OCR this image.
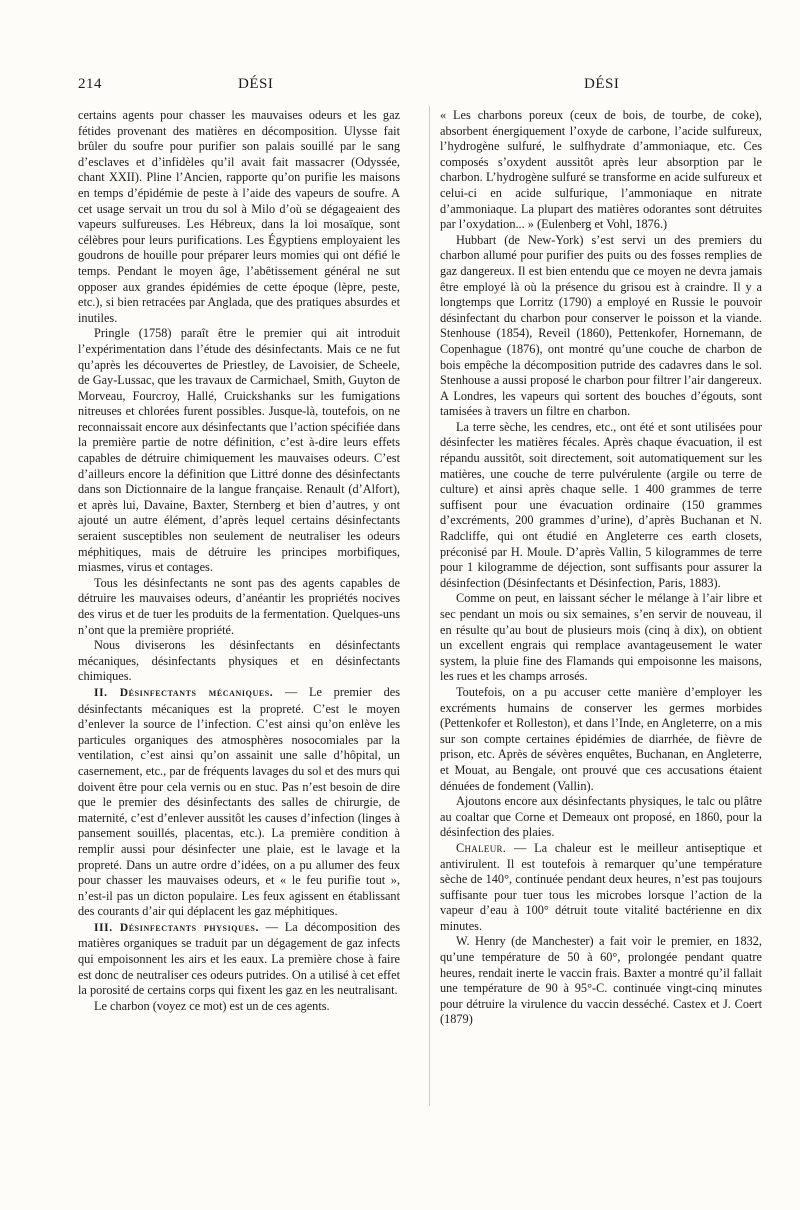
214	DÉSI	DÉSI

certains agents pour chasser les mauvaises odeurs et les gaz fétides provenant des matières en décomposition. Ulysse fait brûler du soufre pour purifier son palais souillé par le sang d’esclaves et d’infidèles qu’il avait fait massacrer (Odyssée, chant XXII). Pline l’Ancien, rapporte qu’on purifie les maisons en temps d’épidémie de peste à l’aide des vapeurs de soufre. A cet usage servait un trou du sol à Milo d’où se dégageaient des vapeurs sulfureuses. Les Hébreux, dans la loi mosaïque, sont célèbres pour leurs purifications. Les Égyptiens employaient les goudrons de houille pour préparer leurs momies qui ont défié le temps. Pendant le moyen âge, l’abêtissement général ne sut opposer aux grandes épidémies de cette époque (lèpre, peste, etc.), si bien retracées par Anglada, que des pratiques absurdes et inutiles.

Pringle (1758) paraît être le premier qui ait introduit l’expérimentation dans l’étude des désinfectants. Mais ce ne fut qu’après les découvertes de Priestley, de Lavoisier, de Scheele, de Gay-Lussac, que les travaux de Carmichael, Smith, Guyton de Morveau, Fourcroy, Hallé, Cruickshanks sur les fumigations nitreuses et chlorées furent possibles. Jusque-là, toutefois, on ne reconnaissait encore aux désinfectants que l’action spécifiée dans la première partie de notre définition, c’est à-dire leurs effets capables de détruire chimiquement les mauvaises odeurs. C’est d’ailleurs encore la définition que Littré donne des désinfectants dans son Dictionnaire de la langue française. Renault (d’Alfort), et après lui, Davaine, Baxter, Sternberg et bien d’autres, y ont ajouté un autre élément, d’après lequel certains désinfectants seraient susceptibles non seulement de neutraliser les odeurs méphitiques, mais de détruire les principes morbifiques, miasmes, virus et contages.

Tous les désinfectants ne sont pas des agents capables de détruire les mauvaises odeurs, d’anéantir les propriétés nocives des virus et de tuer les produits de la fermentation. Quelques-uns n’ont que la première propriété.

Nous diviserons les désinfectants en désinfectants mécaniques, désinfectants physiques et en désinfectants chimiques.

II. Désinfectants mécaniques. — Le premier des désinfectants mécaniques est la propreté. C’est le moyen d’enlever la source de l’infection. C’est ainsi qu’on enlève les particules organiques des atmosphères nosocomiales par la ventilation, c’est ainsi qu’on assainit une salle d’hôpital, un casernement, etc., par de fréquents lavages du sol et des murs qui doivent être pour cela vernis ou en stuc. Pas n’est besoin de dire que le premier des désinfectants des salles de chirurgie, de maternité, c’est d’enlever aussitôt les causes d’infection (linges à pansement souillés, placentas, etc.). La première condition à remplir aussi pour désinfecter une plaie, est le lavage et la propreté. Dans un autre ordre d’idées, on a pu allumer des feux pour chasser les mauvaises odeurs, et « le feu purifie tout », n’est-il pas un dicton populaire. Les feux agissent en établissant des courants d’air qui déplacent les gaz méphitiques.

III. Désinfectants physiques. — La décomposition des matières organiques se traduit par un dégagement de gaz infects qui empoisonnent les airs et les eaux. La première chose à faire est donc de neutraliser ces odeurs putrides. On a utilisé à cet effet la porosité de certains corps qui fixent les gaz en les neutralisant.

Le charbon (voyez ce mot) est un de ces agents.

« Les charbons poreux (ceux de bois, de tourbe, de coke), absorbent énergiquement l’oxyde de carbone, l’acide sulfureux, l’hydrogène sulfuré, le sulfhydrate d’ammoniaque, etc. Ces composés s’oxydent aussitôt après leur absorption par le charbon. L’hydrogène sulfuré se transforme en acide sulfureux et celui-ci en acide sulfurique, l’ammoniaque en nitrate d’ammoniaque. La plupart des matières odorantes sont détruites par l’oxydation... » (Eulenberg et Vohl, 1876.)

Hubbart (de New-York) s’est servi un des premiers du charbon allumé pour purifier des puits ou des fosses remplies de gaz dangereux. Il est bien entendu que ce moyen ne devra jamais être employé là où la présence du grisou est à craindre. Il y a longtemps que Lorritz (1790) a employé en Russie le pouvoir désinfectant du charbon pour conserver le poisson et la viande. Stenhouse (1854), Reveil (1860), Pettenkofer, Hornemann, de Copenhague (1876), ont montré qu’une couche de charbon de bois empêche la décomposition putride des cadavres dans le sol. Stenhouse a aussi proposé le charbon pour filtrer l’air dangereux. A Londres, les vapeurs qui sortent des bouches d’égouts, sont tamisées à travers un filtre en charbon.

La terre sèche, les cendres, etc., ont été et sont utilisées pour désinfecter les matières fécales. Après chaque évacuation, il est répandu aussitôt, soit directement, soit automatiquement sur les matières, une couche de terre pulvérulente (argile ou terre de culture) et ainsi après chaque selle. 1 400 grammes de terre suffisent pour une évacuation ordinaire (150 grammes d’excréments, 200 grammes d’urine), d’après Buchanan et N. Radcliffe, qui ont étudié en Angleterre ces earth closets, préconisé par H. Moule. D’après Vallin, 5 kilogrammes de terre pour 1 kilogramme de déjection, sont suffisants pour assurer la désinfection (Désinfectants et Désinfection, Paris, 1883).

Comme on peut, en laissant sécher le mélange à l’air libre et sec pendant un mois ou six semaines, s’en servir de nouveau, il en résulte qu’au bout de plusieurs mois (cinq à dix), on obtient un excellent engrais qui remplace avantageusement le water system, la pluie fine des Flamands qui empoisonne les maisons, les rues et les champs arrosés.

Toutefois, on a pu accuser cette manière d’employer les excréments humains de conserver les germes morbides (Pettenkofer et Rolleston), et dans l’Inde, en Angleterre, on a mis sur son compte certaines épidémies de diarrhée, de fièvre de prison, etc. Après de sévères enquêtes, Buchanan, en Angleterre, et Mouat, au Bengale, ont prouvé que ces accusations étaient dénuées de fondement (Vallin).

Ajoutons encore aux désinfectants physiques, le talc ou plâtre au coaltar que Corne et Demeaux ont proposé, en 1860, pour la désinfection des plaies.

Chaleur. — La chaleur est le meilleur antiseptique et antivirulent. Il est toutefois à remarquer qu’une température sèche de 140°, continuée pendant deux heures, n’est pas toujours suffisante pour tuer tous les microbes lorsque l’action de la vapeur d’eau à 100° détruit toute vitalité bactérienne en dix minutes.

W. Henry (de Manchester) a fait voir le premier, en 1832, qu’une température de 50 à 60°, prolongée pendant quatre heures, rendait inerte le vaccin frais. Baxter a montré qu’il fallait une température de 90 à 95°-C. continuée vingt-cinq minutes pour détruire la virulence du vaccin desséché. Castex et J. Coert (1879)
